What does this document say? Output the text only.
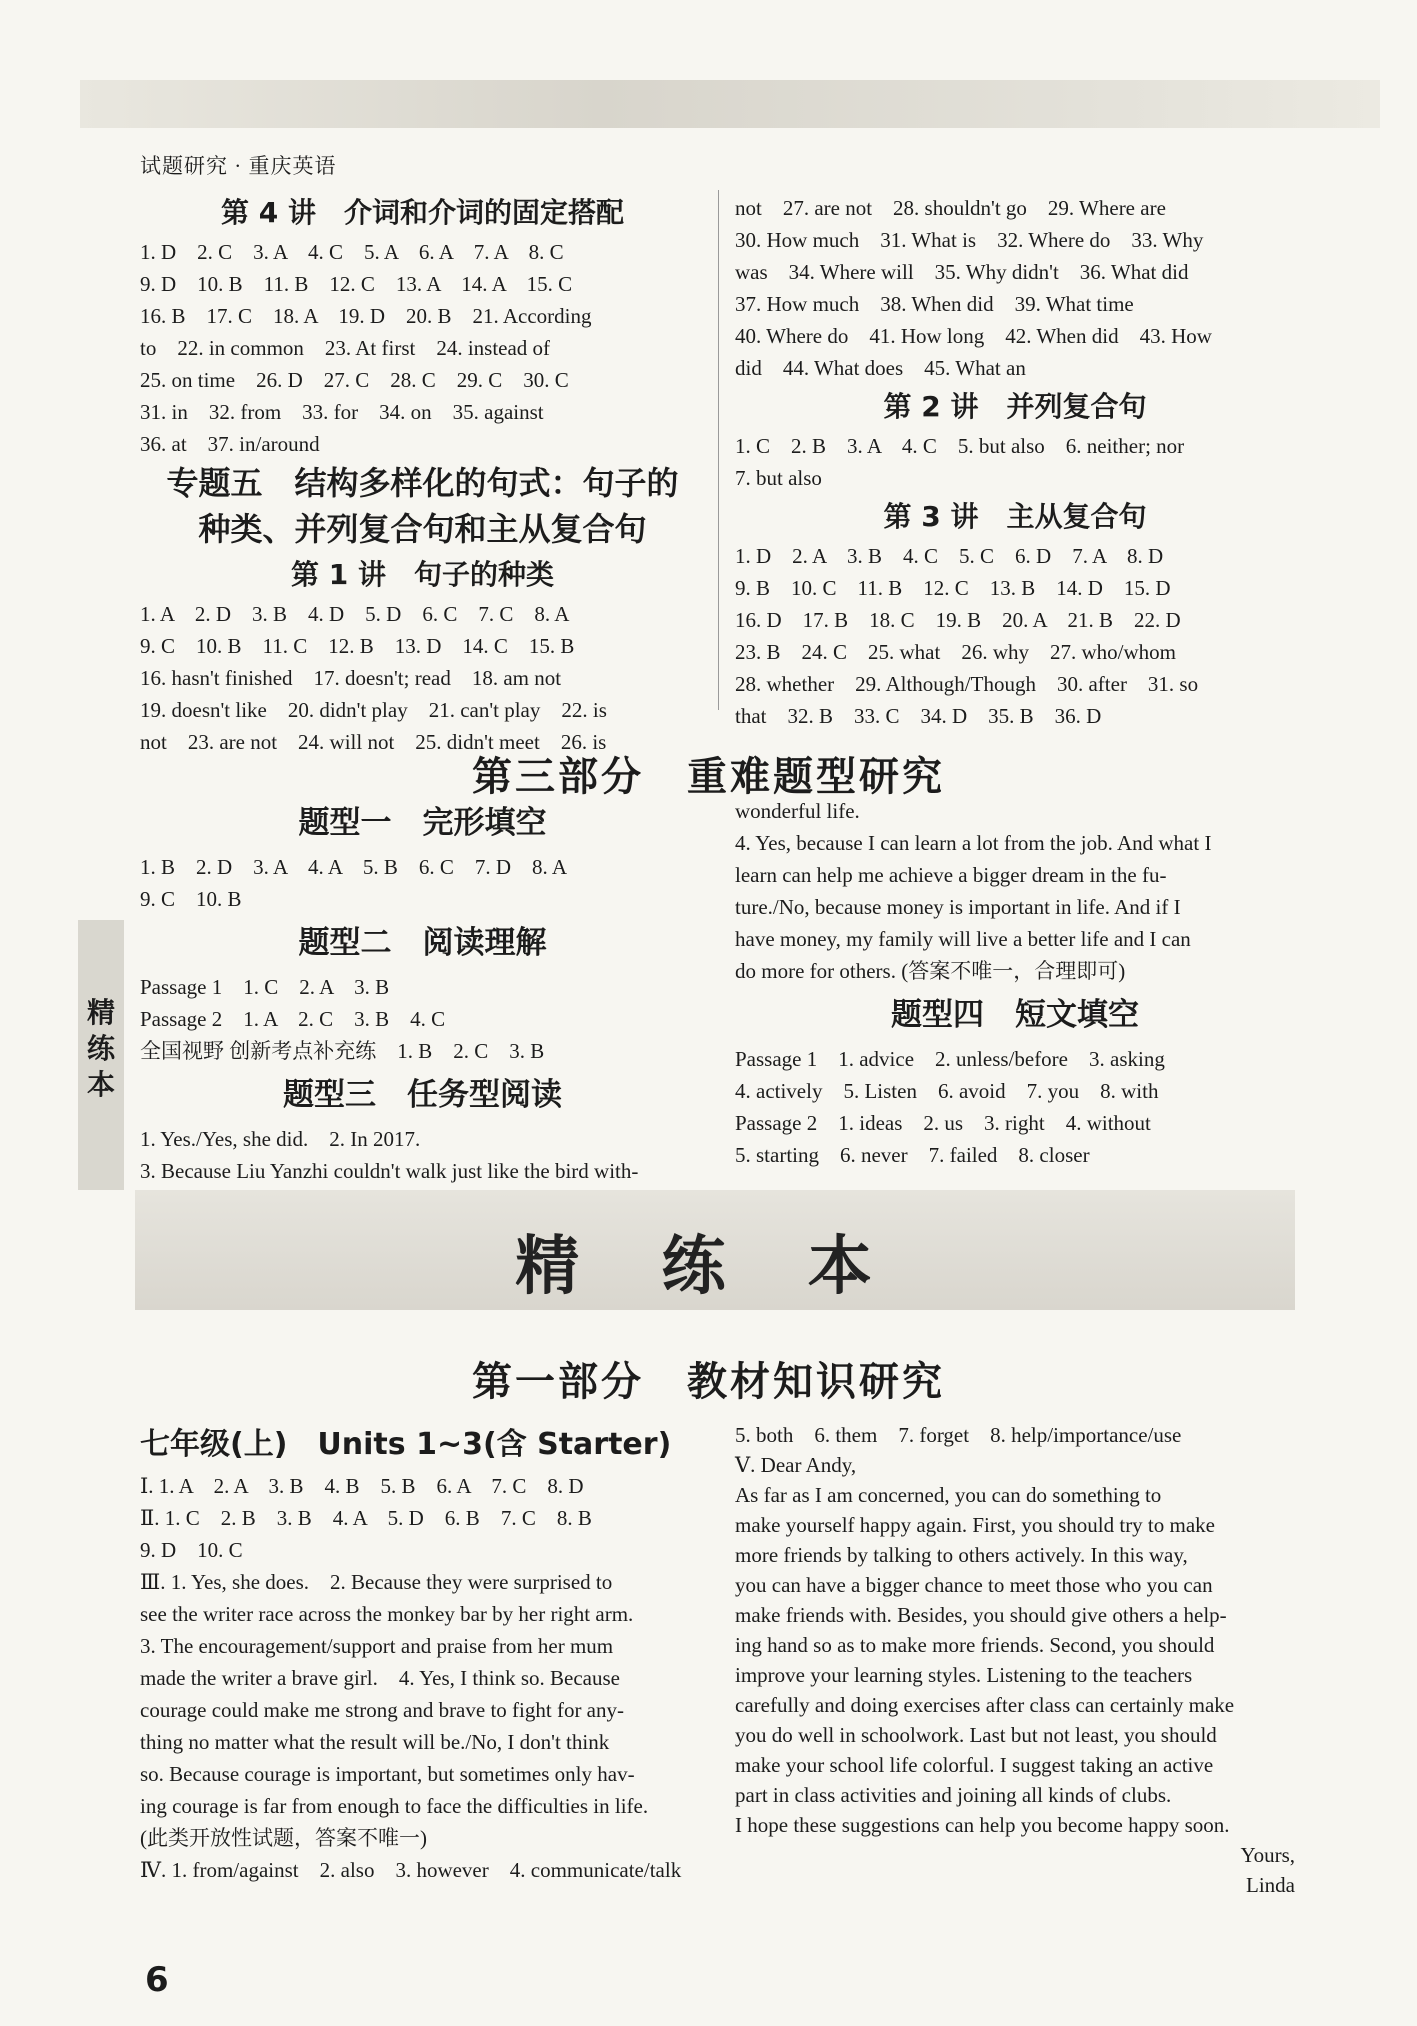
试题研究 · 重庆英语
第 4 讲　介词和介词的固定搭配

1. D　2. C　3. A　4. C　5. A　6. A　7. A　8. C

9. D　10. B　11. B　12. C　13. A　14. A　15. C

16. B　17. C　18. A　19. D　20. B　21. According

to　22. in common　23. At first　24. instead of

25. on time　26. D　27. C　28. C　29. C　30. C

31. in　32. from　33. for　34. on　35. against

36. at　37. in/around

专题五　结构多样化的句式：句子的
种类、并列复合句和主从复合句
第 1 讲　句子的种类

1. A　2. D　3. B　4. D　5. D　6. C　7. C　8. A

9. C　10. B　11. C　12. B　13. D　14. C　15. B

16. hasn't finished　17. doesn't; read　18. am not

19. doesn't like　20. didn't play　21. can't play　22. is

not　23. are not　24. will not　25. didn't meet　26. is

not　27. are not　28. shouldn't go　29. Where are

30. How much　31. What is　32. Where do　33. Why

was　34. Where will　35. Why didn't　36. What did

37. How much　38. When did　39. What time

40. Where do　41. How long　42. When did　43. How

did　44. What does　45. What an

第 2 讲　并列复合句

1. C　2. B　3. A　4. C　5. but also　6. neither; nor

7. but also

第 3 讲　主从复合句

1. D　2. A　3. B　4. C　5. C　6. D　7. A　8. D

9. B　10. C　11. B　12. C　13. B　14. D　15. D

16. D　17. B　18. C　19. B　20. A　21. B　22. D

23. B　24. C　25. what　26. why　27. who/whom

28. whether　29. Although/Though　30. after　31. so

that　32. B　33. C　34. D　35. B　36. D

第三部分　重难题型研究
题型一　完形填空

1. B　2. D　3. A　4. A　5. B　6. C　7. D　8. A

9. C　10. B

题型二　阅读理解

Passage 1　1. C　2. A　3. B

Passage 2　1. A　2. C　3. B　4. C

全国视野 创新考点补充练　1. B　2. C　3. B

题型三　任务型阅读

1. Yes./Yes, she did.　2. In 2017.

3. Because Liu Yanzhi couldn't walk just like the bird with-

wonderful life.

4. Yes, because I can learn a lot from the job. And what I

learn can help me achieve a bigger dream in the fu-

ture./No, because money is important in life. And if I

have money, my family will live a better life and I can

do more for others. (答案不唯一，合理即可)

题型四　短文填空

Passage 1　1. advice　2. unless/before　3. asking

4. actively　5. Listen　6. avoid　7. you　8. with

Passage 2　1. ideas　2. us　3. right　4. without

5. starting　6. never　7. failed　8. closer

精练本
精 练 本
第一部分　教材知识研究
七年级(上)　Units 1~3(含 Starter)

Ⅰ. 1. A　2. A　3. B　4. B　5. B　6. A　7. C　8. D

Ⅱ. 1. C　2. B　3. B　4. A　5. D　6. B　7. C　8. B

9. D　10. C

Ⅲ. 1. Yes, she does.　2. Because they were surprised to

see the writer race across the monkey bar by her right arm.

3. The encouragement/support and praise from her mum

made the writer a brave girl.　4. Yes, I think so. Because

courage could make me strong and brave to fight for any-

thing no matter what the result will be./No, I don't think

so. Because courage is important, but sometimes only hav-

ing courage is far from enough to face the difficulties in life.

(此类开放性试题，答案不唯一)

Ⅳ. 1. from/against　2. also　3. however　4. communicate/talk

5. both　6. them　7. forget　8. help/importance/use

Ⅴ. Dear Andy,

As far as I am concerned, you can do something to

make yourself happy again. First, you should try to make

more friends by talking to others actively. In this way,

you can have a bigger chance to meet those who you can

make friends with. Besides, you should give others a help-

ing hand so as to make more friends. Second, you should

improve your learning styles. Listening to the teachers

carefully and doing exercises after class can certainly make

you do well in schoolwork. Last but not least, you should

make your school life colorful. I suggest taking an active

part in class activities and joining all kinds of clubs.

I hope these suggestions can help you become happy soon.

Yours,

Linda

6
